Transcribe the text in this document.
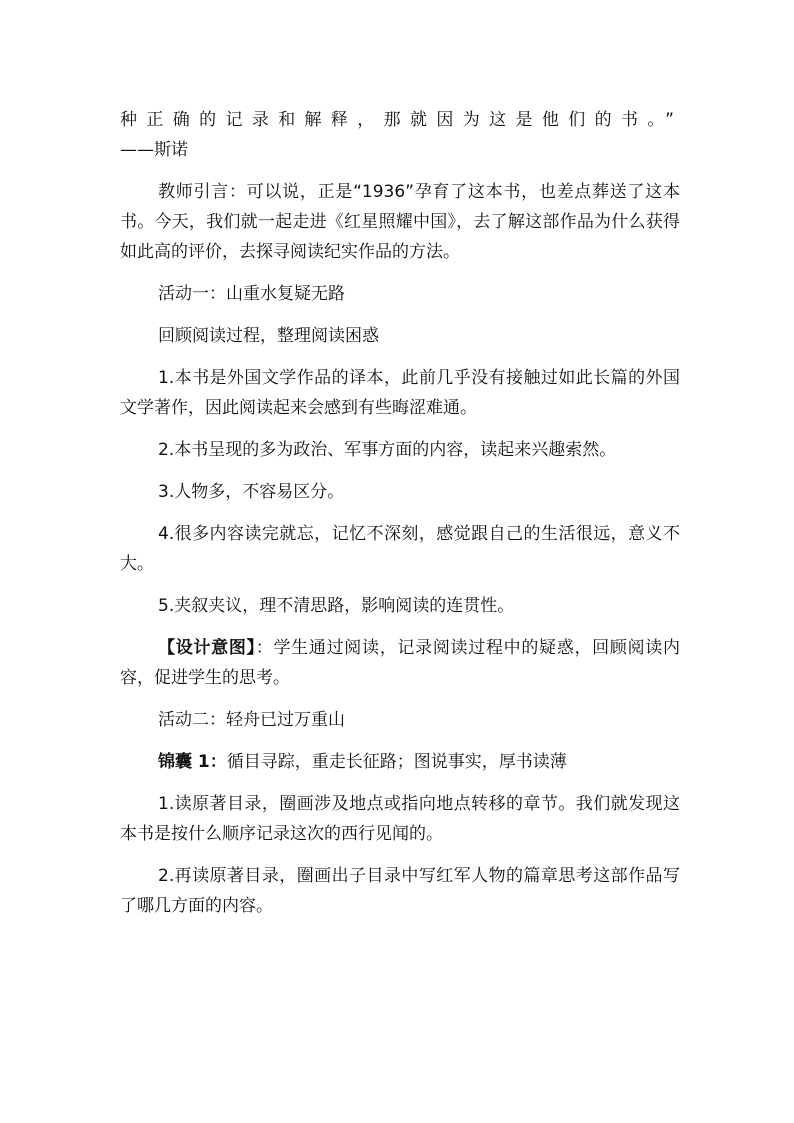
种正确的记录和解释，那就因为这是他们的书。”

——斯诺

教师引言：可以说，正是“1936”孕育了这本书，也差点葬送了这本书。今天，我们就一起走进《红星照耀中国》，去了解这部作品为什么获得如此高的评价，去探寻阅读纪实作品的方法。

活动一：山重水复疑无路

回顾阅读过程，整理阅读困惑

1.本书是外国文学作品的译本，此前几乎没有接触过如此长篇的外国文学著作，因此阅读起来会感到有些晦涩难通。

2.本书呈现的多为政治、军事方面的内容，读起来兴趣索然。

3.人物多，不容易区分。

4.很多内容读完就忘，记忆不深刻，感觉跟自己的生活很远，意义不大。

5.夹叙夹议，理不清思路，影响阅读的连贯性。

【设计意图】：学生通过阅读，记录阅读过程中的疑惑，回顾阅读内容，促进学生的思考。

活动二：轻舟已过万重山

锦囊 1：循目寻踪，重走长征路；图说事实，厚书读薄

1.读原著目录，圈画涉及地点或指向地点转移的章节。我们就发现这本书是按什么顺序记录这次的西行见闻的。

2.再读原著目录，圈画出子目录中写红军人物的篇章思考这部作品写了哪几方面的内容。
